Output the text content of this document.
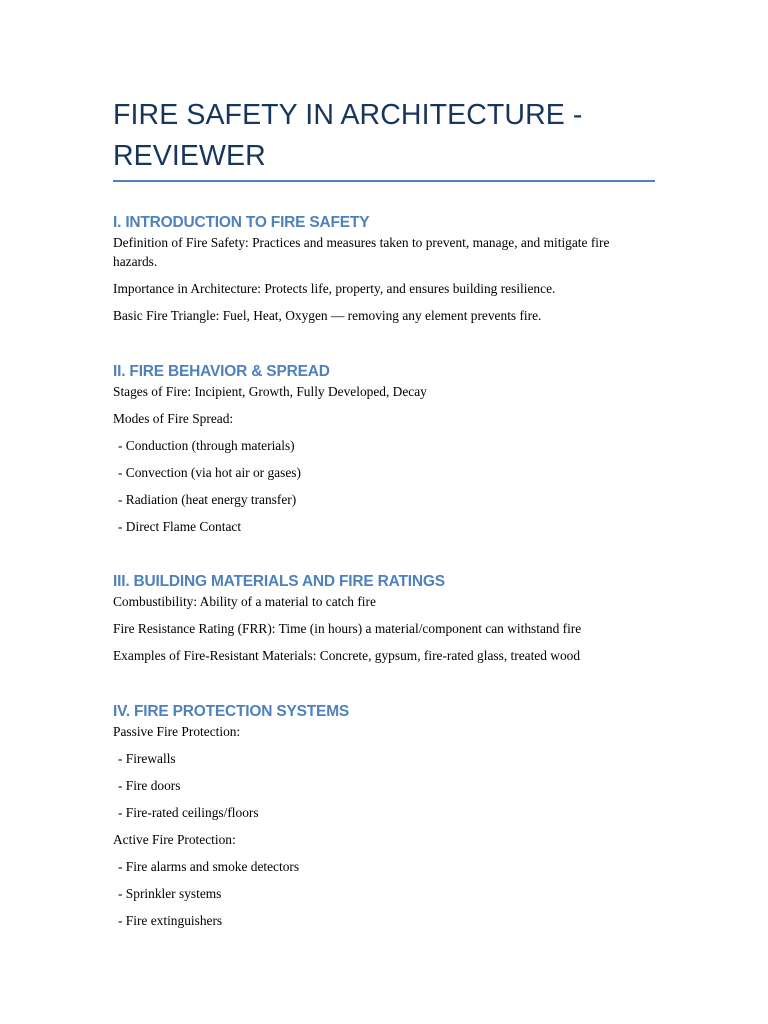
FIRE SAFETY IN ARCHITECTURE - REVIEWER
I. INTRODUCTION TO FIRE SAFETY

Definition of Fire Safety: Practices and measures taken to prevent, manage, and mitigate fire hazards.

Importance in Architecture: Protects life, property, and ensures building resilience.

Basic Fire Triangle: Fuel, Heat, Oxygen — removing any element prevents fire.

II. FIRE BEHAVIOR & SPREAD

Stages of Fire: Incipient, Growth, Fully Developed, Decay

Modes of Fire Spread:

- Conduction (through materials)

- Convection (via hot air or gases)

- Radiation (heat energy transfer)

- Direct Flame Contact

III. BUILDING MATERIALS AND FIRE RATINGS

Combustibility: Ability of a material to catch fire

Fire Resistance Rating (FRR): Time (in hours) a material/component can withstand fire

Examples of Fire-Resistant Materials: Concrete, gypsum, fire-rated glass, treated wood

IV. FIRE PROTECTION SYSTEMS

Passive Fire Protection:

- Firewalls

- Fire doors

- Fire-rated ceilings/floors

Active Fire Protection:

- Fire alarms and smoke detectors

- Sprinkler systems

- Fire extinguishers
